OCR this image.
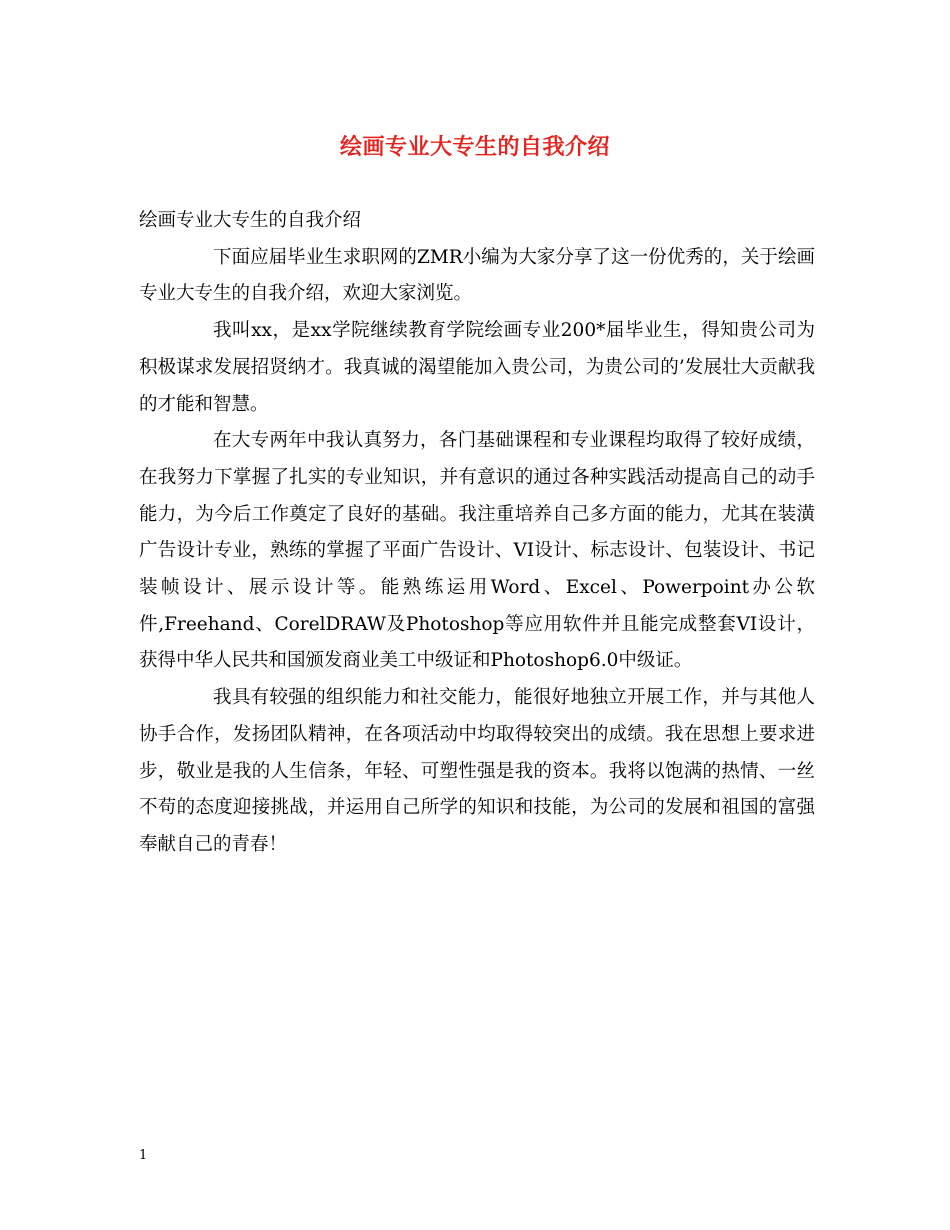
绘画专业大专生的自我介绍

绘画专业大专生的自我介绍

下面应届毕业生求职网的ZMR小编为大家分享了这一份优秀的，关于绘画专业大专生的自我介绍，欢迎大家浏览。

我叫xx，是xx学院继续教育学院绘画专业200*届毕业生，得知贵公司为积极谋求发展招贤纳才。我真诚的渴望能加入贵公司，为贵公司的’发展壮大贡献我的才能和智慧。

在大专两年中我认真努力，各门基础课程和专业课程均取得了较好成绩，在我努力下掌握了扎实的专业知识，并有意识的通过各种实践活动提高自己的动手能力，为今后工作奠定了良好的基础。我注重培养自己多方面的能力，尤其在装潢广告设计专业，熟练的掌握了平面广告设计、VI设计、标志设计、包装设计、书记装帧设计、展示设计等。能熟练运用Word、Excel、Powerpoint办公软件,Freehand、CorelDRAW及Photoshop等应用软件并且能完成整套VI设计，获得中华人民共和国颁发商业美工中级证和Photoshop6.0中级证。

我具有较强的组织能力和社交能力，能很好地独立开展工作，并与其他人协手合作，发扬团队精神，在各项活动中均取得较突出的成绩。我在思想上要求进步，敬业是我的人生信条，年轻、可塑性强是我的资本。我将以饱满的热情、一丝不苟的态度迎接挑战，并运用自己所学的知识和技能，为公司的发展和祖国的富强奉献自己的青春！

1
